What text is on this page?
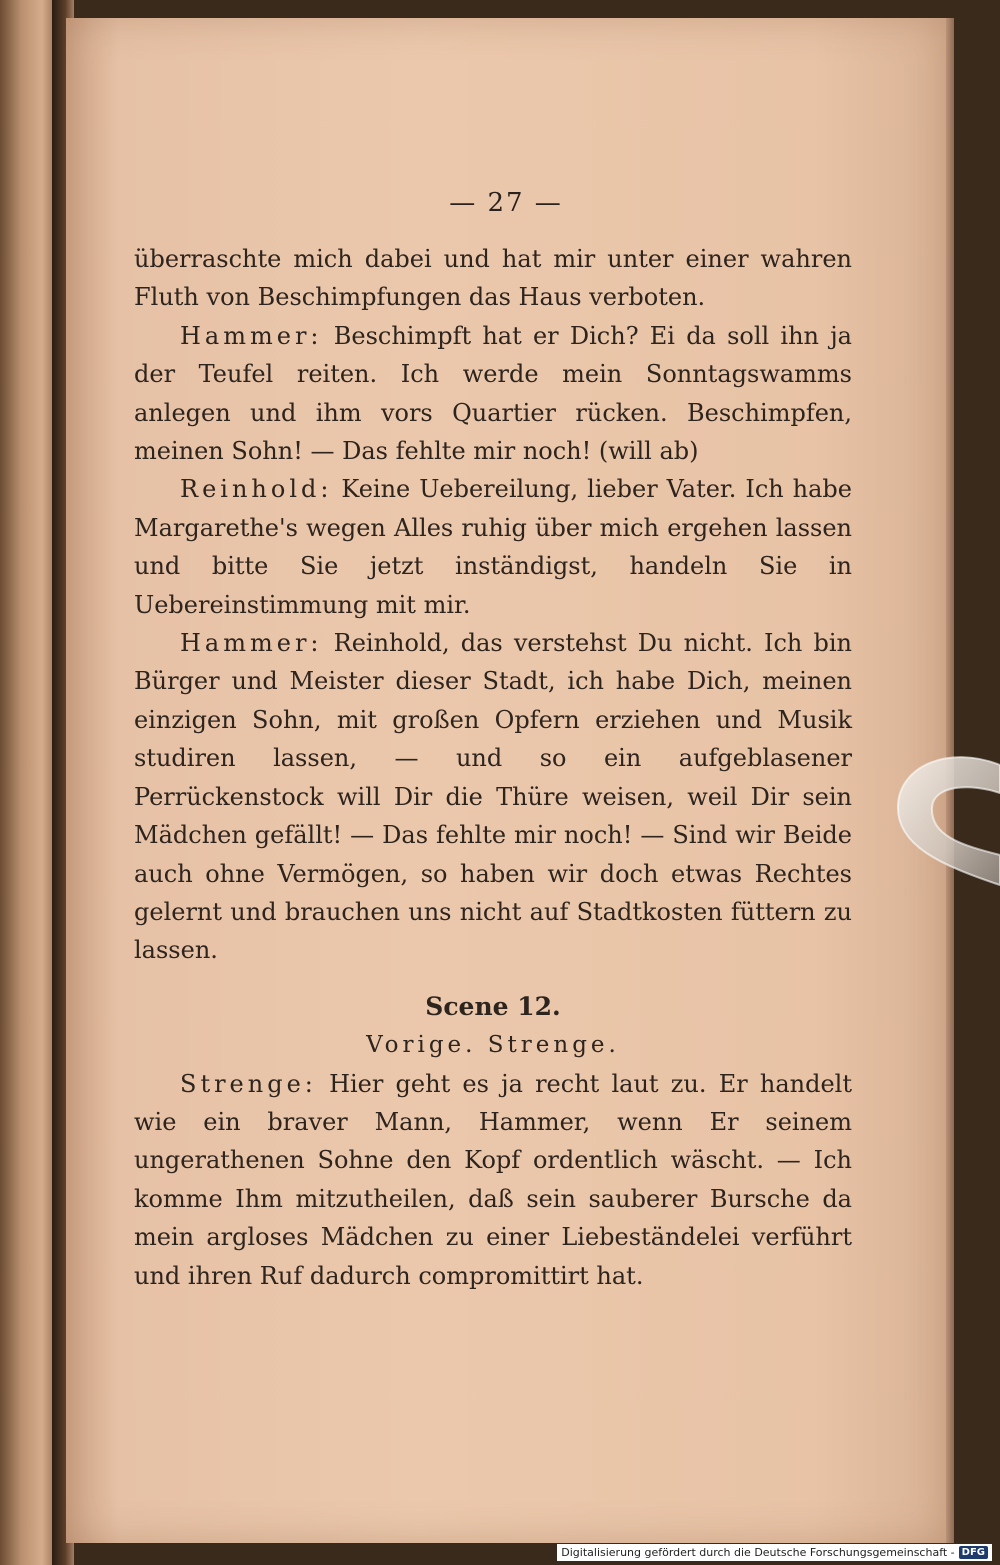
— 27 —

überraschte mich dabei und hat mir unter einer wahren Fluth von Beschimpfungen das Haus verboten.

Hammer: Beschimpft hat er Dich? Ei da soll ihn ja der Teufel reiten. Ich werde mein Sonntagswamms anlegen und ihm vors Quartier rücken. Beschimpfen, meinen Sohn! — Das fehlte mir noch! (will ab)

Reinhold: Keine Uebereilung, lieber Vater. Ich habe Margarethe's wegen Alles ruhig über mich ergehen lassen und bitte Sie jetzt inständigst, handeln Sie in Uebereinstimmung mit mir.

Hammer: Reinhold, das verstehst Du nicht. Ich bin Bürger und Meister dieser Stadt, ich habe Dich, meinen einzigen Sohn, mit großen Opfern erziehen und Musik studiren lassen, — und so ein aufgeblasener Perrückenstock will Dir die Thüre weisen, weil Dir sein Mädchen gefällt! — Das fehlte mir noch! — Sind wir Beide auch ohne Vermögen, so haben wir doch etwas Rechtes gelernt und brauchen uns nicht auf Stadtkosten füttern zu lassen.

Scene 12.

Vorige. Strenge.

Strenge: Hier geht es ja recht laut zu. Er handelt wie ein braver Mann, Hammer, wenn Er seinem ungerathenen Sohne den Kopf ordentlich wäscht. — Ich komme Ihm mitzutheilen, daß sein sauberer Bursche da mein argloses Mädchen zu einer Liebeständelei verführt und ihren Ruf dadurch compromittirt hat.

Digitalisierung gefördert durch die Deutsche Forschungsgemeinschaft - DFG
